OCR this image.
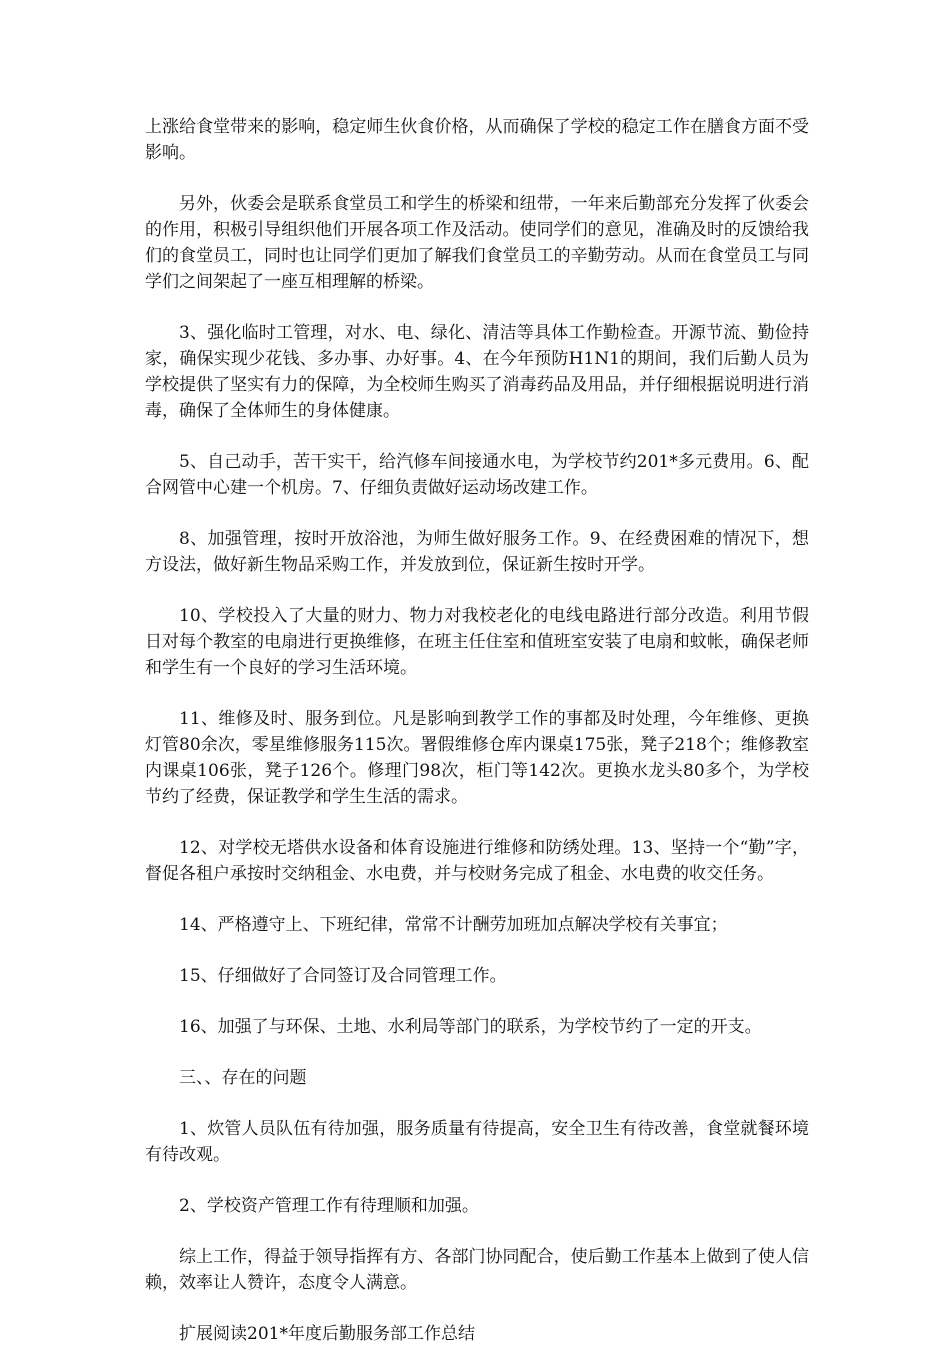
上涨给食堂带来的影响，稳定师生伙食价格，从而确保了学校的稳定工作在膳食方面不受影响。

另外，伙委会是联系食堂员工和学生的桥梁和纽带，一年来后勤部充分发挥了伙委会的作用，积极引导组织他们开展各项工作及活动。使同学们的意见，准确及时的反馈给我们的食堂员工，同时也让同学们更加了解我们食堂员工的辛勤劳动。从而在食堂员工与同学们之间架起了一座互相理解的桥梁。

3、强化临时工管理，对水、电、绿化、清洁等具体工作勤检查。开源节流、勤俭持家，确保实现少花钱、多办事、办好事。4、在今年预防H1N1的期间，我们后勤人员为学校提供了坚实有力的保障，为全校师生购买了消毒药品及用品，并仔细根据说明进行消毒，确保了全体师生的身体健康。

5、自己动手，苦干实干，给汽修车间接通水电，为学校节约201*多元费用。6、配合网管中心建一个机房。7、仔细负责做好运动场改建工作。

8、加强管理，按时开放浴池，为师生做好服务工作。9、在经费困难的情况下，想方设法，做好新生物品采购工作，并发放到位，保证新生按时开学。

10、学校投入了大量的财力、物力对我校老化的电线电路进行部分改造。利用节假日对每个教室的电扇进行更换维修，在班主任住室和值班室安装了电扇和蚊帐，确保老师和学生有一个良好的学习生活环境。

11、维修及时、服务到位。凡是影响到教学工作的事都及时处理，今年维修、更换灯管80余次，零星维修服务115次。署假维修仓库内课桌175张，凳子218个；维修教室内课桌106张，凳子126个。修理门98次，柜门等142次。更换水龙头80多个，为学校节约了经费，保证教学和学生生活的需求。

12、对学校无塔供水设备和体育设施进行维修和防绣处理。13、坚持一个“勤”字，督促各租户承按时交纳租金、水电费，并与校财务完成了租金、水电费的收交任务。

14、严格遵守上、下班纪律，常常不计酬劳加班加点解决学校有关事宜；

15、仔细做好了合同签订及合同管理工作。

16、加强了与环保、土地、水利局等部门的联系，为学校节约了一定的开支。

三、、存在的问题

1、炊管人员队伍有待加强，服务质量有待提高，安全卫生有待改善，食堂就餐环境有待改观。

2、学校资产管理工作有待理顺和加强。

综上工作，得益于领导指挥有方、各部门协同配合，使后勤工作基本上做到了使人信赖，效率让人赞许，态度令人满意。

扩展阅读201*年度后勤服务部工作总结
